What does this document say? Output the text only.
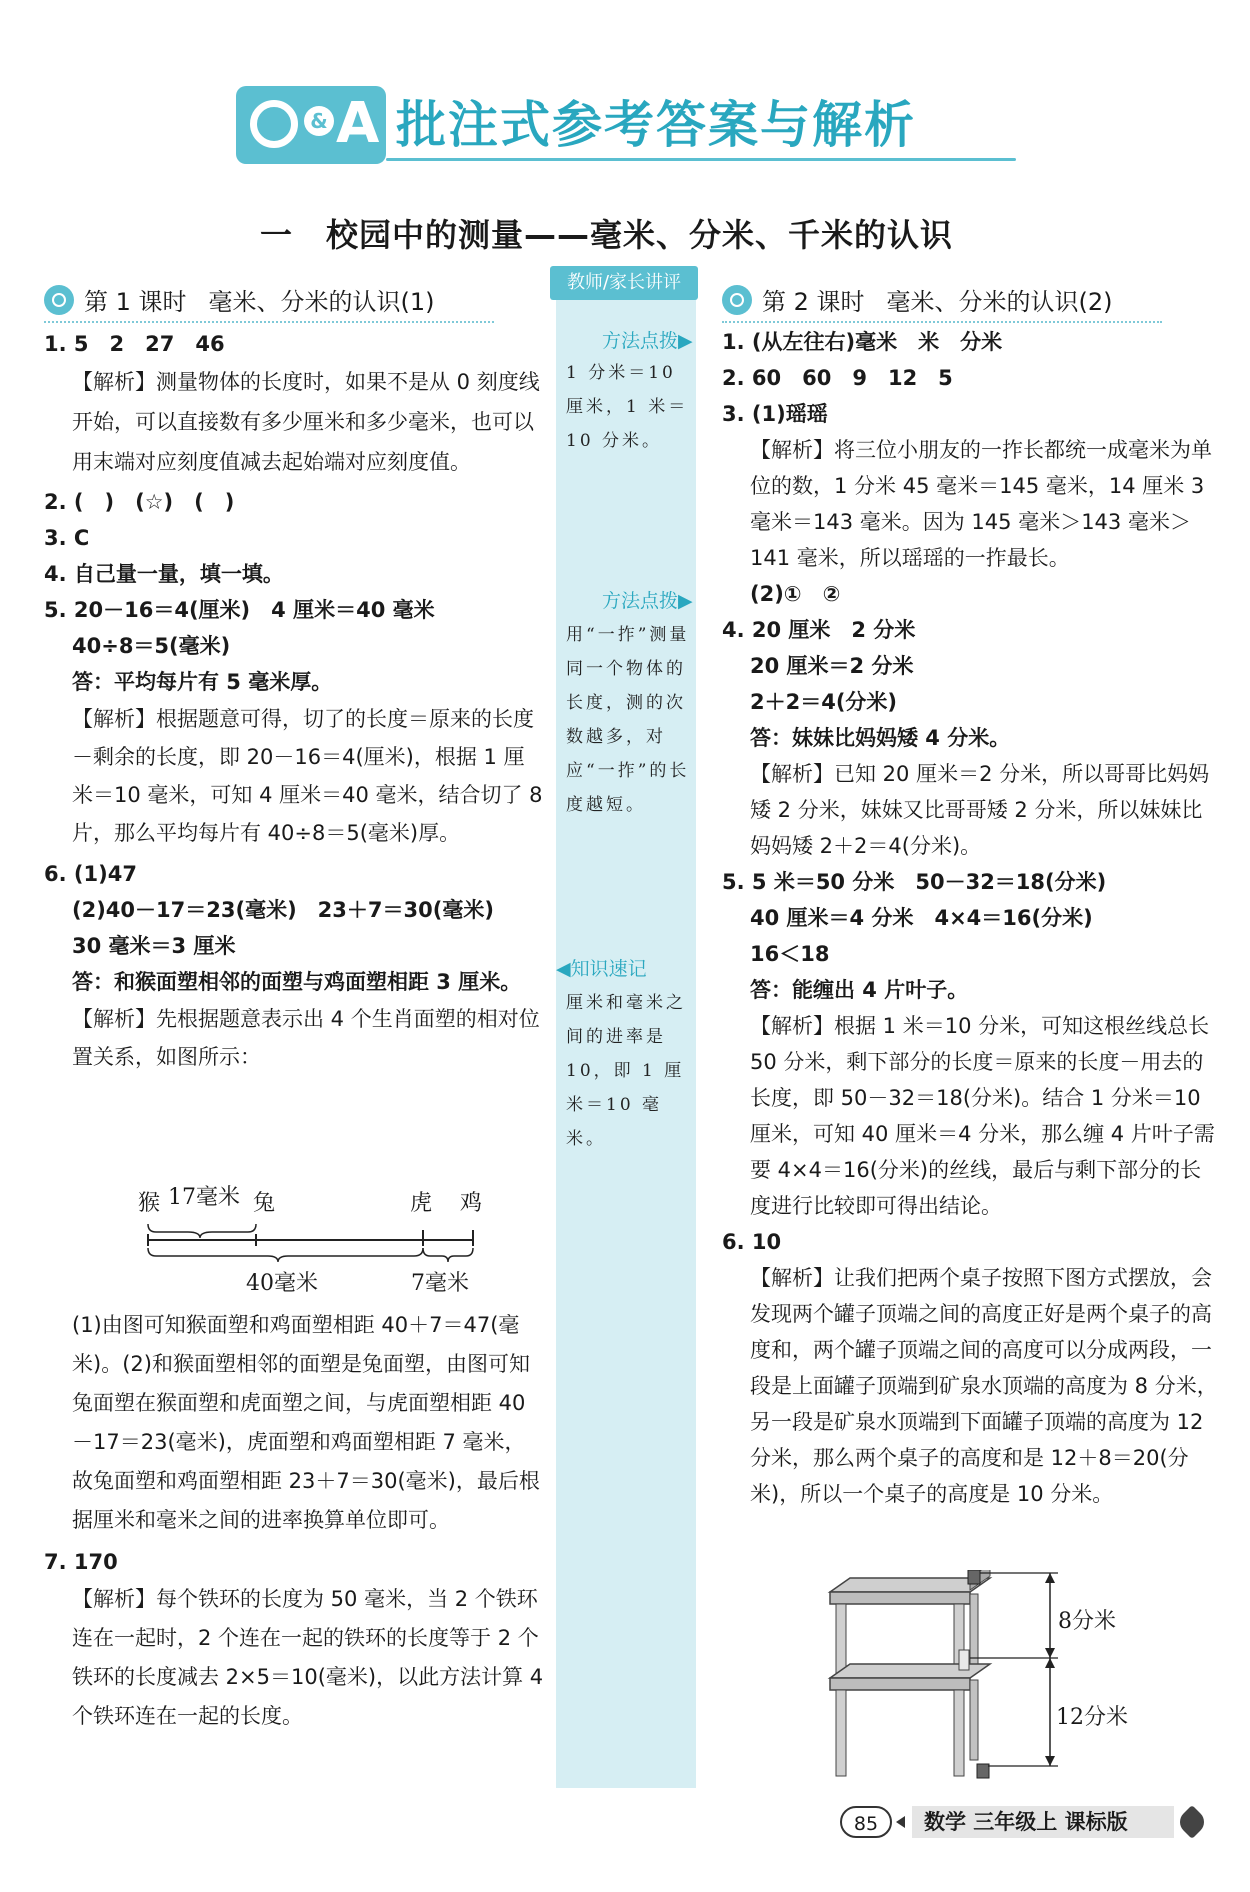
& A 批注式参考答案与解析
一　校园中的测量——毫米、分米、千米的认识
第 1 课时 毫米、分米的认识(1)

1. 5　2　27　46

【解析】测量物体的长度时，如果不是从 0 刻度线开始，可以直接数有多少厘米和多少毫米，也可以用末端对应刻度值减去起始端对应刻度值。

2. (　)　(☆)　(　)

3. C

4. 自己量一量，填一填。

5. 20－16＝4(厘米)　4 厘米＝40 毫米

40÷8＝5(毫米)

答：平均每片有 5 毫米厚。

【解析】根据题意可得，切了的长度＝原来的长度－剩余的长度，即 20－16＝4(厘米)，根据 1 厘米＝10 毫米，可知 4 厘米＝40 毫米，结合切了 8 片，那么平均每片有 40÷8＝5(毫米)厚。

6. (1)47

(2)40－17＝23(毫米)　23＋7＝30(毫米)

30 毫米＝3 厘米

答：和猴面塑相邻的面塑与鸡面塑相距 3 厘米。

【解析】先根据题意表示出 4 个生肖面塑的相对位置关系，如图所示：

猴 17毫米 兔	虎 鸡
40毫米	7毫米

(1)由图可知猴面塑和鸡面塑相距 40＋7＝47(毫米)。(2)和猴面塑相邻的面塑是兔面塑，由图可知兔面塑在猴面塑和虎面塑之间，与虎面塑相距 40－17＝23(毫米)，虎面塑和鸡面塑相距 7 毫米，故兔面塑和鸡面塑相距 23＋7＝30(毫米)，最后根据厘米和毫米之间的进率换算单位即可。

7. 170

【解析】每个铁环的长度为 50 毫米，当 2 个铁环连在一起时，2 个连在一起的铁环的长度等于 2 个铁环的长度减去 2×5＝10(毫米)，以此方法计算 4 个铁环连在一起的长度。

教师/家长讲评
方法点拨▶
1 分米＝10 厘米，1 米＝10 分米。
方法点拨▶
用“一拃”测量同一个物体的长度，测的次数越多，对应“一拃”的长度越短。
◀知识速记
厘米和毫米之间的进率是 10，即 1 厘米＝10 毫米。
第 2 课时 毫米、分米的认识(2)

1. (从左往右)毫米　米　分米

2. 60　60　9　12　5

3. (1)瑶瑶

【解析】将三位小朋友的一拃长都统一成毫米为单位的数，1 分米 45 毫米＝145 毫米，14 厘米 3 毫米＝143 毫米。因为 145 毫米＞143 毫米＞141 毫米，所以瑶瑶的一拃最长。

(2)①　②

4. 20 厘米　2 分米

20 厘米＝2 分米

2＋2＝4(分米)

答：妹妹比妈妈矮 4 分米。

【解析】已知 20 厘米＝2 分米，所以哥哥比妈妈矮 2 分米，妹妹又比哥哥矮 2 分米，所以妹妹比妈妈矮 2＋2＝4(分米)。

5. 5 米＝50 分米　50－32＝18(分米)

40 厘米＝4 分米　4×4＝16(分米)

16＜18

答：能缠出 4 片叶子。

【解析】根据 1 米＝10 分米，可知这根丝线总长 50 分米，剩下部分的长度＝原来的长度－用去的长度，即 50－32＝18(分米)。结合 1 分米＝10 厘米，可知 40 厘米＝4 分米，那么缠 4 片叶子需要 4×4＝16(分米)的丝线，最后与剩下部分的长度进行比较即可得出结论。

6. 10

【解析】让我们把两个桌子按照下图方式摆放，会发现两个罐子顶端之间的高度正好是两个桌子的高度和，两个罐子顶端之间的高度可以分成两段，一段是上面罐子顶端到矿泉水顶端的高度为 8 分米，另一段是矿泉水顶端到下面罐子顶端的高度为 12 分米，那么两个桌子的高度和是 12＋8＝20(分米)，所以一个桌子的高度是 10 分米。

8分米
12分米
85	数学 三年级上 课标版
